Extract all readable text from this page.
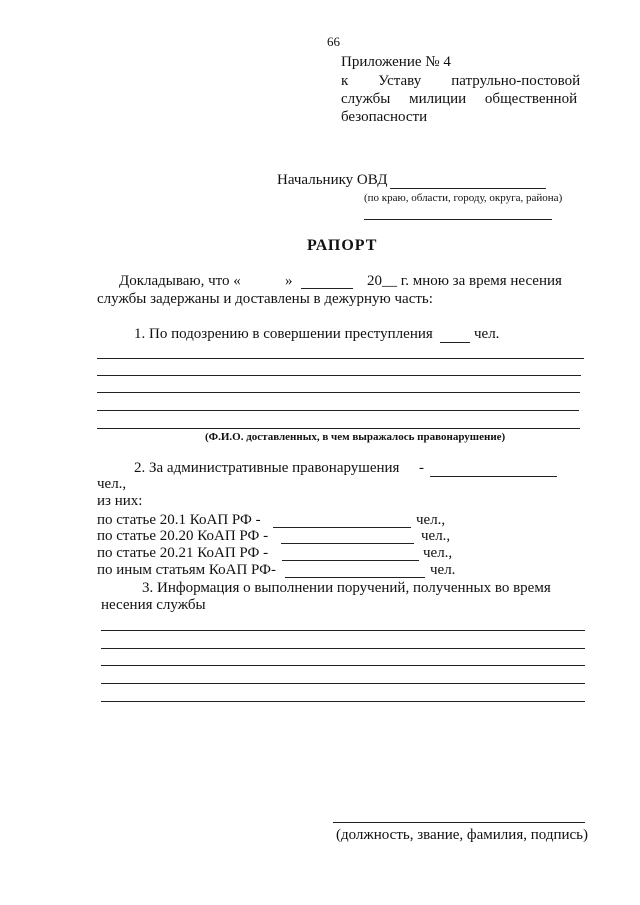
66
Приложение № 4
к        Уставу        патрульно-постовой
службы     милиции     общественной
безопасности
Начальнику ОВД
(по краю, области, городу, округа, района)
РАПОРТ
Докладываю, что «	»	20__ г. мною за время несения
службы задержаны и доставлены в дежурную часть:
1. По подозрению в совершении преступления	чел.
(Ф.И.О. доставленных, в чем выражалось правонарушение)
2. За административные правонарушения -
чел.,
из них:
по статье 20.1 КоАП РФ -	чел.,
по статье 20.20 КоАП РФ -	чел.,
по статье 20.21 КоАП РФ -	чел.,
по иным статьям КоАП РФ-	чел.
3. Информация о выполнении поручений, полученных во время
несения службы
(должность, звание, фамилия, подпись)
